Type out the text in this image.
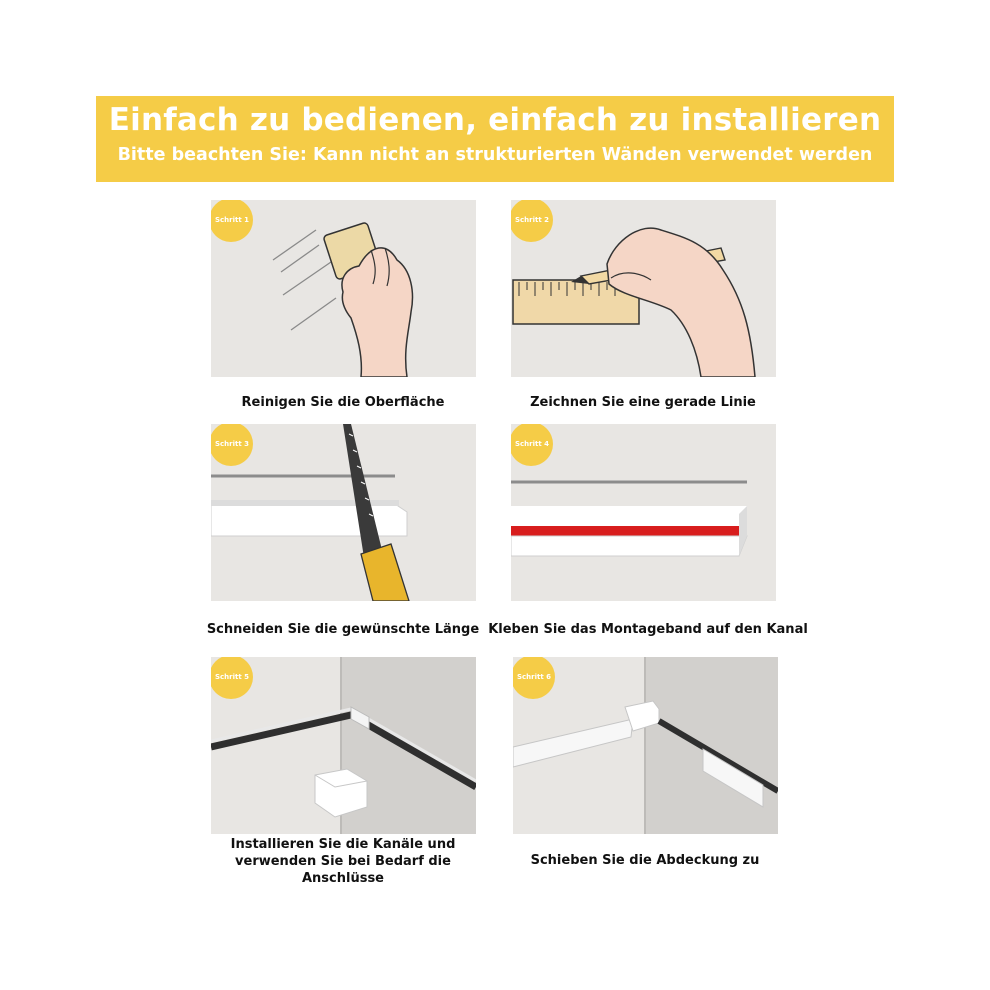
Einfach zu bedienen, einfach zu installieren
Bitte beachten Sie: Kann nicht an strukturierten Wänden verwendet werden
Schritt 1
Reinigen Sie die Oberfläche
Schritt 2
Zeichnen Sie eine gerade Linie
Schritt 3
Schneiden Sie die gewünschte Länge
Schritt 4
Kleben Sie das Montageband auf den Kanal
Schritt 5
Installieren Sie die Kanäle und verwenden Sie bei Bedarf die Anschlüsse
Schritt 6
Schieben Sie die Abdeckung zu
